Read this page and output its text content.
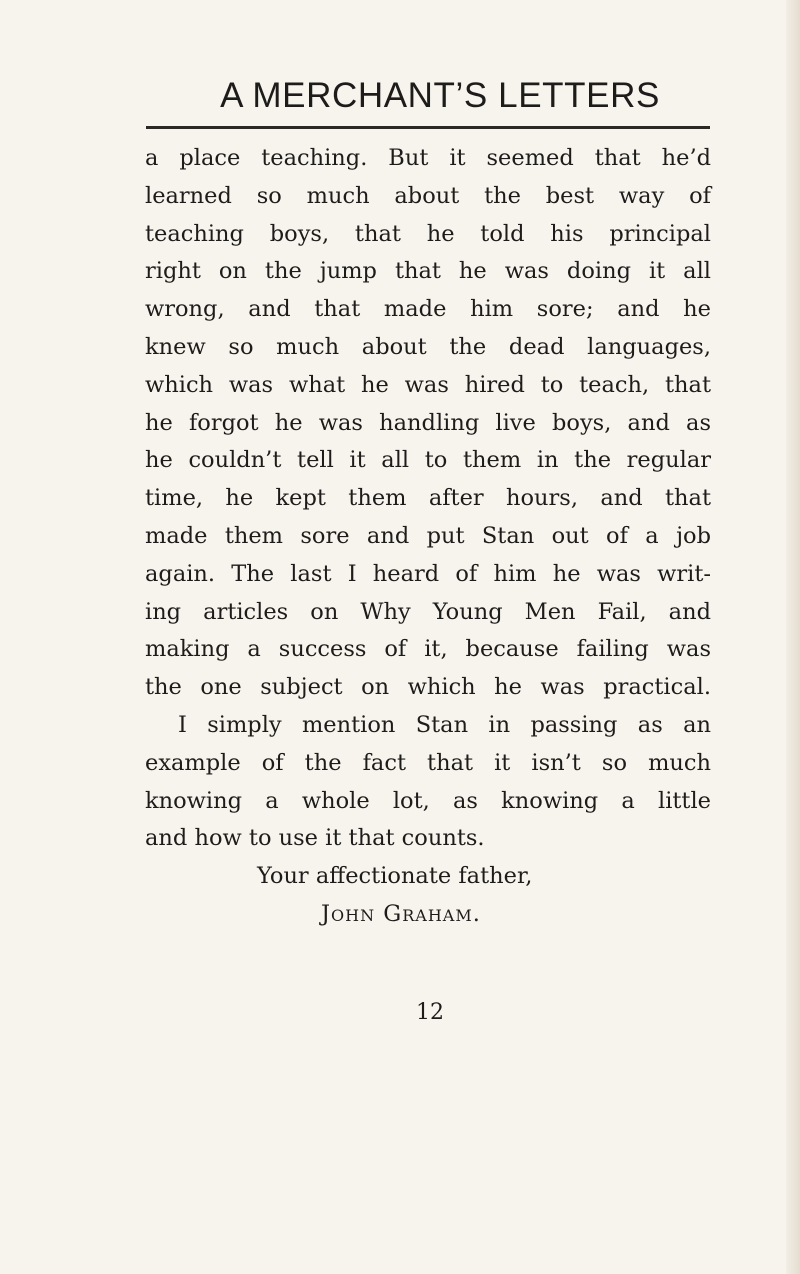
A MERCHANT’S LETTERS
a place teaching. But it seemed that he’d
learned so much about the best way of
teaching boys, that he told his principal
right on the jump that he was doing it all
wrong, and that made him sore; and he
knew so much about the dead languages,
which was what he was hired to teach, that
he forgot he was handling live boys, and as
he couldn’t tell it all to them in the regular
time, he kept them after hours, and that
made them sore and put Stan out of a job
again. The last I heard of him he was writ-
ing articles on Why Young Men Fail, and
making a success of it, because failing was
the one subject on which he was practical.
I simply mention Stan in passing as an
example of the fact that it isn’t so much
knowing a whole lot, as knowing a little
and how to use it that counts.
Your affectionate father,
John Graham.
12
